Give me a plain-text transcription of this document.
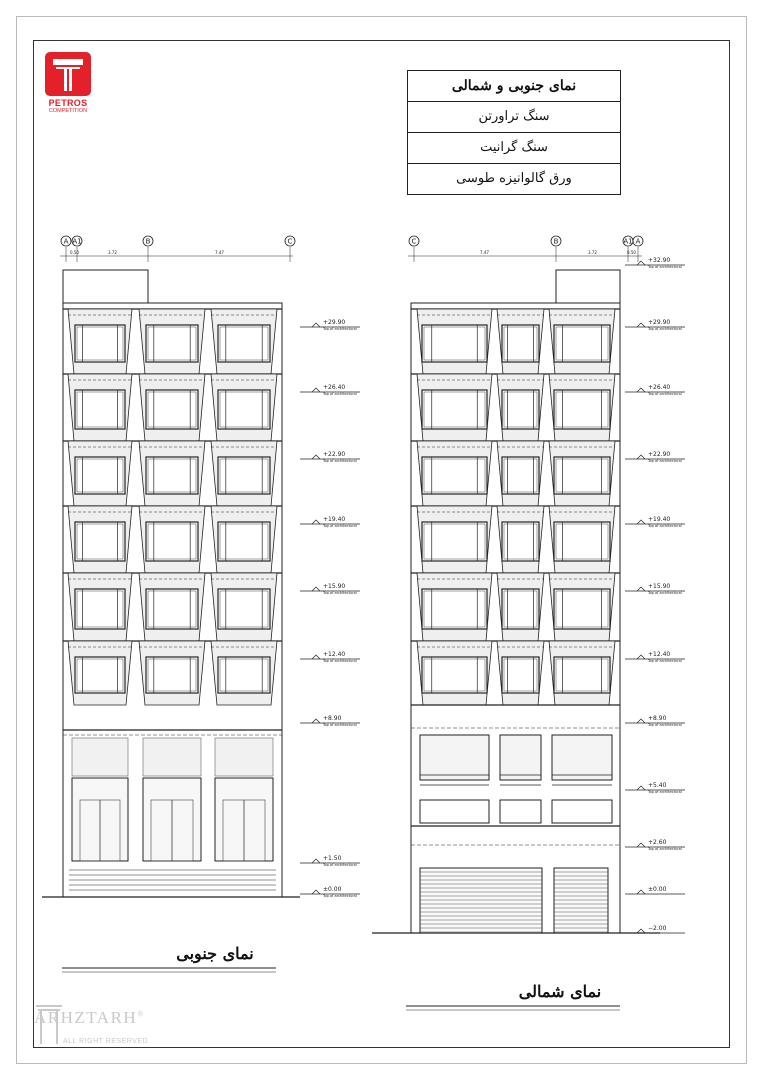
PETROS
COMPETITION
نمای جنوبی و شمالی
سنگ تراورتن
سنگ گرانیت
ورق گالوانیزه طوسی
A A1	B	C
0.50	3.72	7.47
+29.90
Top of architectural
+26.40
Top of architectural
+22.90
Top of architectural
+19.40
Top of architectural
+15.90
Top of architectural
+12.40
Top of architectural
+8.90
Top of architectural
+1.50
Top of architectural
±0.00
Top of architectural
C	B	A1 A
7.47	3.72	0.50
+32.90
Top of architectural
+29.90
Top of architectural
+26.40
Top of architectural
+22.90
Top of architectural
+19.40
Top of architectural
+15.90
Top of architectural
+12.40
Top of architectural
+8.90
Top of architectural
+5.40
Top of architectural
+2.60
Top of architectural
±0.00
−2.00
نمای جنوبی
نمای شمالی
ARHZTARH®
ALL RIGHT RESERVED
